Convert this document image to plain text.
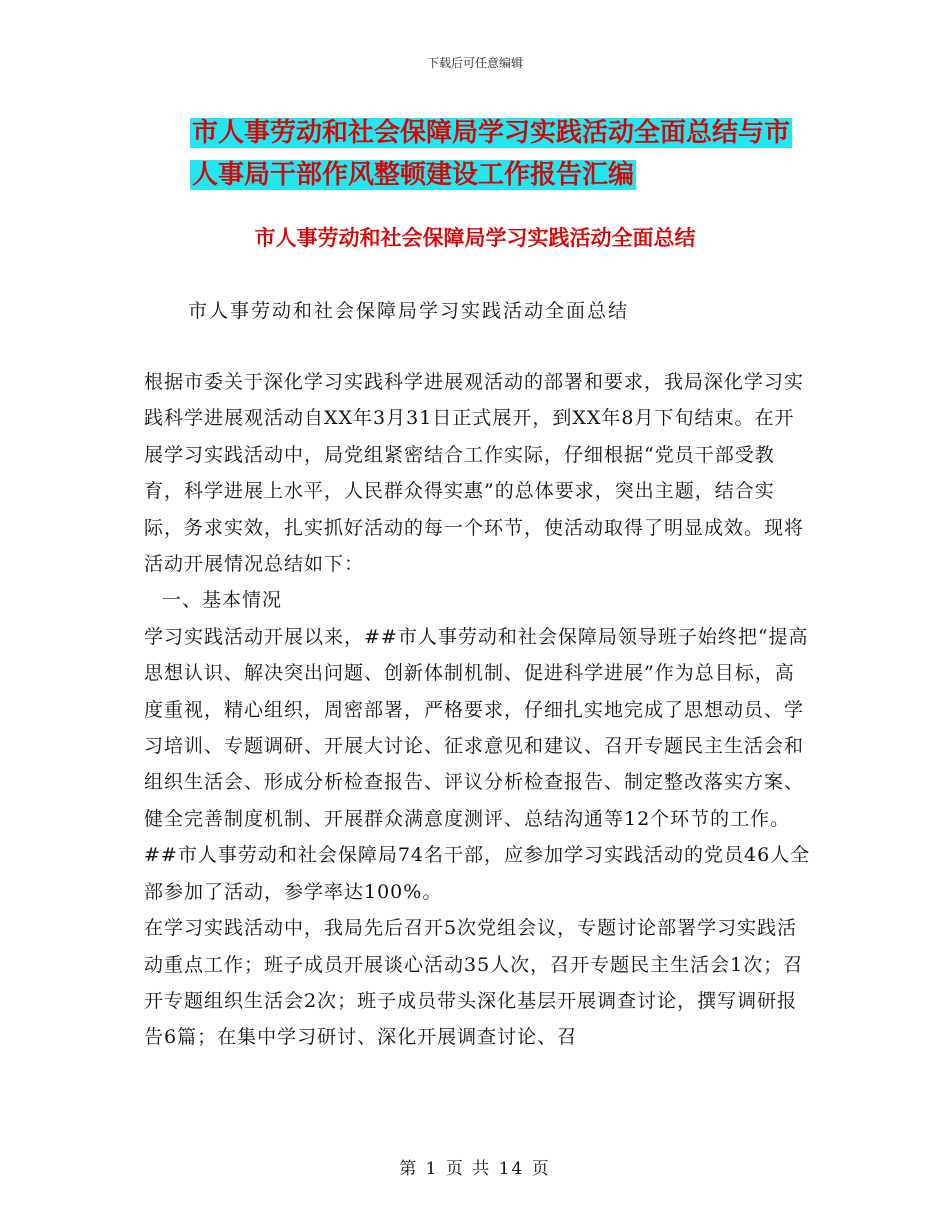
下载后可任意编辑
市人事劳动和社会保障局学习实践活动全面总结与市
人事局干部作风整顿建设工作报告汇编
市人事劳动和社会保障局学习实践活动全面总结
市人事劳动和社会保障局学习实践活动全面总结

根据市委关于深化学习实践科学进展观活动的部署和要求，我局深化学习实践科学进展观活动自XX年3月31日正式展开，到XX年8月下旬结束。在开展学习实践活动中，局党组紧密结合工作实际，仔细根据“党员干部受教育，科学进展上水平，人民群众得实惠”的总体要求，突出主题，结合实际，务求实效，扎实抓好活动的每一个环节，使活动取得了明显成效。现将活动开展情况总结如下：

一、基本情况

学习实践活动开展以来，##市人事劳动和社会保障局领导班子始终把“提高思想认识、解决突出问题、创新体制机制、促进科学进展”作为总目标，高度重视，精心组织，周密部署，严格要求，仔细扎实地完成了思想动员、学习培训、专题调研、开展大讨论、征求意见和建议、召开专题民主生活会和组织生活会、形成分析检查报告、评议分析检查报告、制定整改落实方案、健全完善制度机制、开展群众满意度测评、总结沟通等12个环节的工作。

##市人事劳动和社会保障局74名干部，应参加学习实践活动的党员46人全部参加了活动，参学率达100%。

在学习实践活动中，我局先后召开5次党组会议，专题讨论部署学习实践活动重点工作；班子成员开展谈心活动35人次，召开专题民主生活会1次；召开专题组织生活会2次；班子成员带头深化基层开展调查讨论，撰写调研报告6篇；在集中学习研讨、深化开展调查讨论、召

第 1 页 共 14 页
